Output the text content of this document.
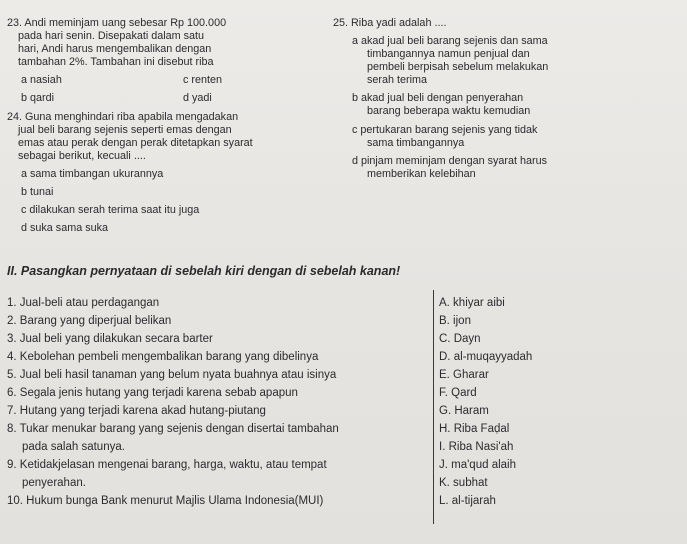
23. Andi meminjam uang sebesar Rp 100.000
pada hari senin. Disepakati dalam satu
hari, Andi harus mengembalikan dengan
tambahan 2%. Tambahan ini disebut riba
a nasiah	c renten
b qardi	d yadi
24. Guna menghindari riba apabila mengadakan
jual beli barang sejenis seperti emas dengan
emas atau perak dengan perak ditetapkan syarat
sebagai berikut, kecuali ....
a sama timbangan ukurannya
b tunai
c dilakukan serah terima saat itu juga
d suka sama suka
25. Riba yadi adalah ....
a akad jual beli barang sejenis dan sama
timbangannya namun penjual dan
pembeli berpisah sebelum melakukan
serah terima
b akad jual beli dengan penyerahan
barang beberapa waktu kemudian
c pertukaran barang sejenis yang tidak
sama timbangannya
d pinjam meminjam dengan syarat harus
memberikan kelebihan
II. Pasangkan pernyataan di sebelah kiri dengan di sebelah kanan!
1. Jual-beli atau perdagangan
2. Barang yang diperjual belikan
3. Jual beli yang dilakukan secara barter
4. Kebolehan pembeli mengembalikan barang yang dibelinya
5. Jual beli hasil tanaman yang belum nyata buahnya atau isinya
6. Segala jenis hutang yang terjadi karena sebab apapun
7. Hutang yang terjadi karena akad hutang-piutang
8. Tukar menukar barang yang sejenis dengan disertai tambahan
pada salah satunya.
9. Ketidakjelasan mengenai barang, harga, waktu, atau tempat
penyerahan.
10. Hukum bunga Bank menurut Majlis Ulama Indonesia(MUI)
A. khiyar aibi
B. ijon
C. Dayn
D. al-muqayyadah
E. Gharar
F. Qard
G. Haram
H. Riba Faḍal
I. Riba Nasi'ah
J. ma'qud alaih
K. subhat
L. al-tijarah
